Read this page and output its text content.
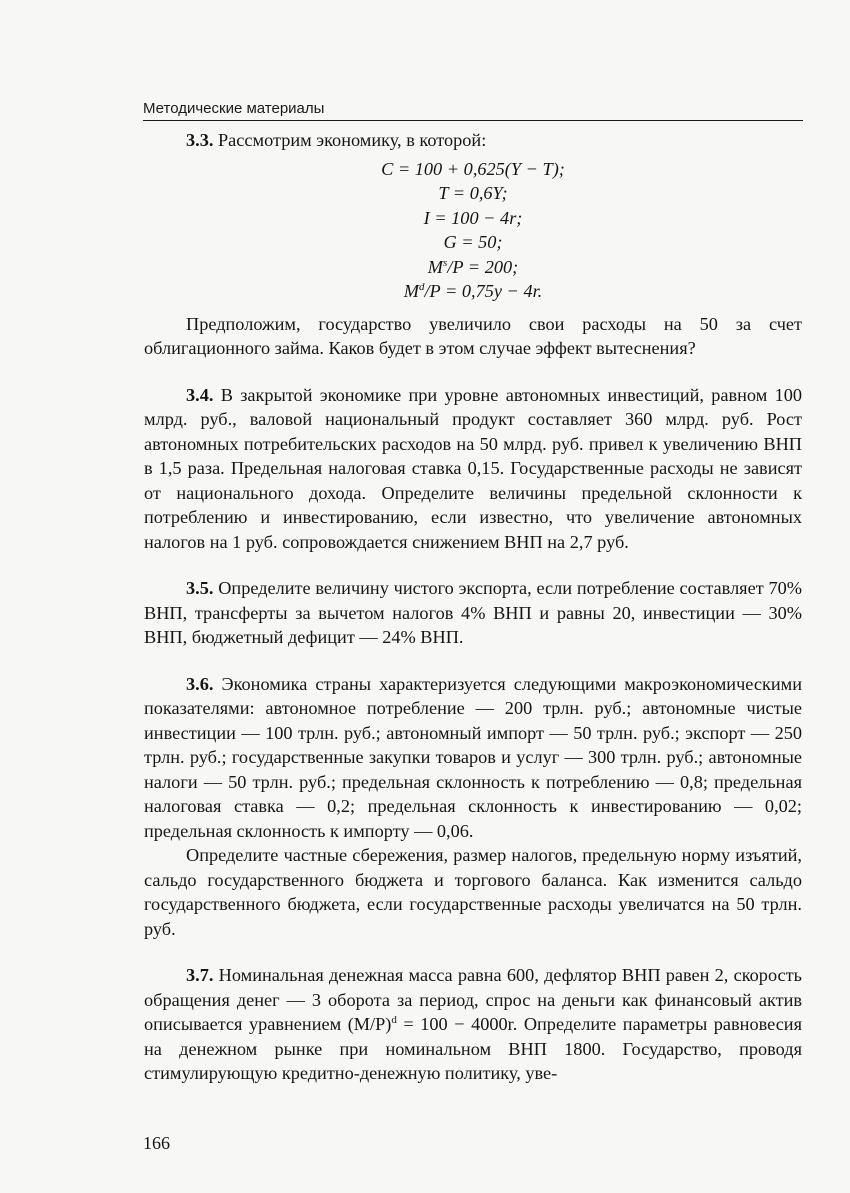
Методические материалы

3.3. Рассмотрим экономику, в которой:

C = 100 + 0,625(Y − T);
T = 0,6Y;
I = 100 − 4r;
G = 50;
$M^s/P = 200$;
$M^d/P = 0,75y - 4r$.

Предположим, государство увеличило свои расходы на 50 за счет облигационного займа. Каков будет в этом случае эффект вытеснения?

3.4. В закрытой экономике при уровне автономных инвестиций, равном 100 млрд. руб., валовой национальный продукт составляет 360 млрд. руб. Рост автономных потребительских расходов на 50 млрд. руб. привел к увеличению ВНП в 1,5 раза. Предельная налоговая ставка 0,15. Государственные расходы не зависят от национального дохода. Определите величины предельной склонности к потреблению и инвестированию, если известно, что увеличение автономных налогов на 1 руб. сопровождается снижением ВНП на 2,7 руб.

3.5. Определите величину чистого экспорта, если потребление составляет 70% ВНП, трансферты за вычетом налогов 4% ВНП и равны 20, инвестиции — 30% ВНП, бюджетный дефицит — 24% ВНП.

3.6. Экономика страны характеризуется следующими макроэкономическими показателями: автономное потребление — 200 трлн. руб.; автономные чистые инвестиции — 100 трлн. руб.; автономный импорт — 50 трлн. руб.; экспорт — 250 трлн. руб.; государственные закупки товаров и услуг — 300 трлн. руб.; автономные налоги — 50 трлн. руб.; предельная склонность к потреблению — 0,8; предельная налоговая ставка — 0,2; предельная склонность к инвестированию — 0,02; предельная склонность к импорту — 0,06.

Определите частные сбережения, размер налогов, предельную норму изъятий, сальдо государственного бюджета и торгового баланса. Как изменится сальдо государственного бюджета, если государственные расходы увеличатся на 50 трлн. руб.

3.7. Номинальная денежная масса равна 600, дефлятор ВНП равен 2, скорость обращения денег — 3 оборота за период, спрос на деньги как финансовый актив описывается уравнением $(M/P)^d = 100 - 4000r$. Определите параметры равновесия на денежном рынке при номинальном ВНП 1800. Государство, проводя стимулирующую кредитно-денежную политику, уве-

166
